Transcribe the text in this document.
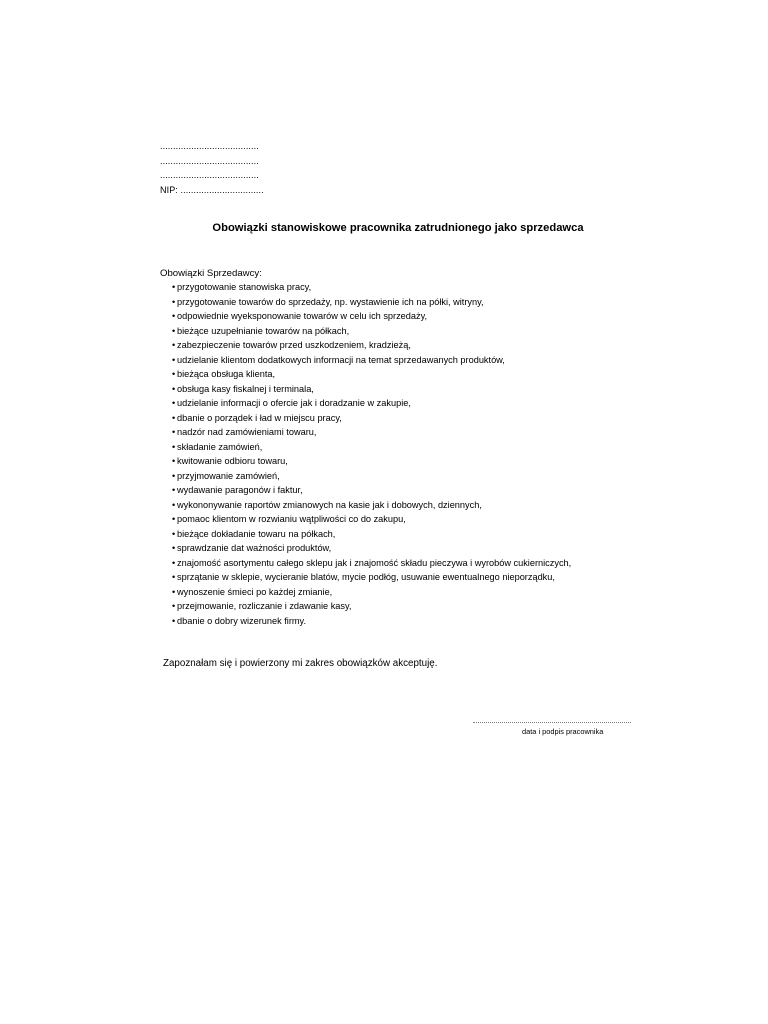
......................................
......................................
......................................
NIP: ................................
Obowiązki stanowiskowe pracownika zatrudnionego jako sprzedawca
Obowiązki Sprzedawcy:
• przygotowanie stanowiska pracy,
• przygotowanie towarów do sprzedaży, np. wystawienie ich na półki, witryny,
• odpowiednie wyeksponowanie towarów w celu ich sprzedaży,
• bieżące uzupełnianie towarów na półkach,
• zabezpieczenie towarów przed uszkodzeniem, kradzieżą,
• udzielanie klientom dodatkowych informacji na temat sprzedawanych produktów,
• bieżąca obsługa klienta,
• obsługa kasy fiskalnej i terminala,
• udzielanie informacji o ofercie jak i doradzanie w zakupie,
• dbanie o porządek i ład w miejscu pracy,
• nadzór nad zamówieniami towaru,
• składanie zamówień,
• kwitowanie odbioru towaru,
• przyjmowanie zamówień,
• wydawanie paragonów i faktur,
• wykononywanie raportów zmianowych na kasie jak i dobowych, dziennych,
• pomaoc klientom w rozwianiu wątpliwości co do zakupu,
• bieżące dokładanie towaru na półkach,
• sprawdzanie dat ważności produktów,
• znajomość asortymentu całego sklepu jak i znajomość składu pieczywa i wyrobów cukierniczych,
• sprzątanie w sklepie, wycieranie blatów, mycie podłóg, usuwanie ewentualnego nieporządku,
• wynoszenie śmieci po każdej zmianie,
• przejmowanie, rozliczanie i zdawanie kasy,
• dbanie o dobry wizerunek firmy.
Zapoznałam się i powierzony mi zakres obowiązków akceptuję.
data i podpis pracownika
